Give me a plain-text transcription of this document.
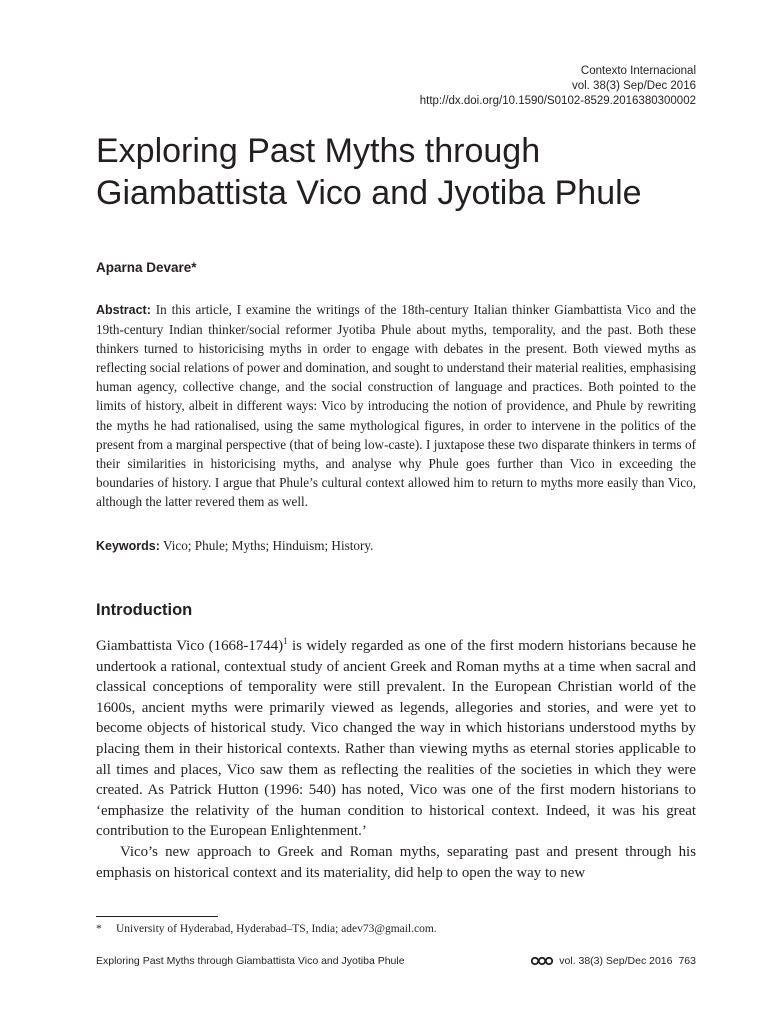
Contexto Internacional
vol. 38(3) Sep/Dec 2016
http://dx.doi.org/10.1590/S0102-8529.2016380300002
Exploring Past Myths through
Giambattista Vico and Jyotiba Phule
Aparna Devare*

Abstract: In this article, I examine the writings of the 18th-century Italian thinker Giambattista Vico and the 19th-century Indian thinker/social reformer Jyotiba Phule about myths, temporality, and the past. Both these thinkers turned to historicising myths in order to engage with debates in the present. Both viewed myths as reflecting social relations of power and domination, and sought to understand their material realities, emphasising human agency, collective change, and the social construction of language and practices. Both pointed to the limits of history, albeit in different ways: Vico by introducing the notion of providence, and Phule by rewriting the myths he had rationalised, using the same mythological figures, in order to intervene in the politics of the present from a marginal perspective (that of being low-caste). I juxtapose these two disparate thinkers in terms of their similarities in historicising myths, and analyse why Phule goes further than Vico in exceeding the boundaries of history. I argue that Phule’s cultural context allowed him to return to myths more easily than Vico, although the latter revered them as well.

Keywords: Vico; Phule; Myths; Hinduism; History.

Introduction

Giambattista Vico (1668-1744)$^1$ is widely regarded as one of the first modern historians because he undertook a rational, contextual study of ancient Greek and Roman myths at a time when sacral and classical conceptions of temporality were still prevalent. In the European Christian world of the 1600s, ancient myths were primarily viewed as legends, allegories and stories, and were yet to become objects of historical study. Vico changed the way in which historians understood myths by placing them in their historical contexts. Rather than viewing myths as eternal stories applicable to all times and places, Vico saw them as reflecting the realities of the societies in which they were created. As Patrick Hutton (1996: 540) has noted, Vico was one of the first modern historians to ‘emphasize the relativity of the human condition to historical context. Indeed, it was his great contribution to the European Enlightenment.’

Vico’s new approach to Greek and Roman myths, separating past and present through his emphasis on historical context and its materiality, did help to open the way to new

* University of Hyderabad, Hyderabad–TS, India; adev73@gmail.com.
Exploring Past Myths through Giambattista Vico and Jyotiba Phule	vol. 38(3) Sep/Dec 2016 763
